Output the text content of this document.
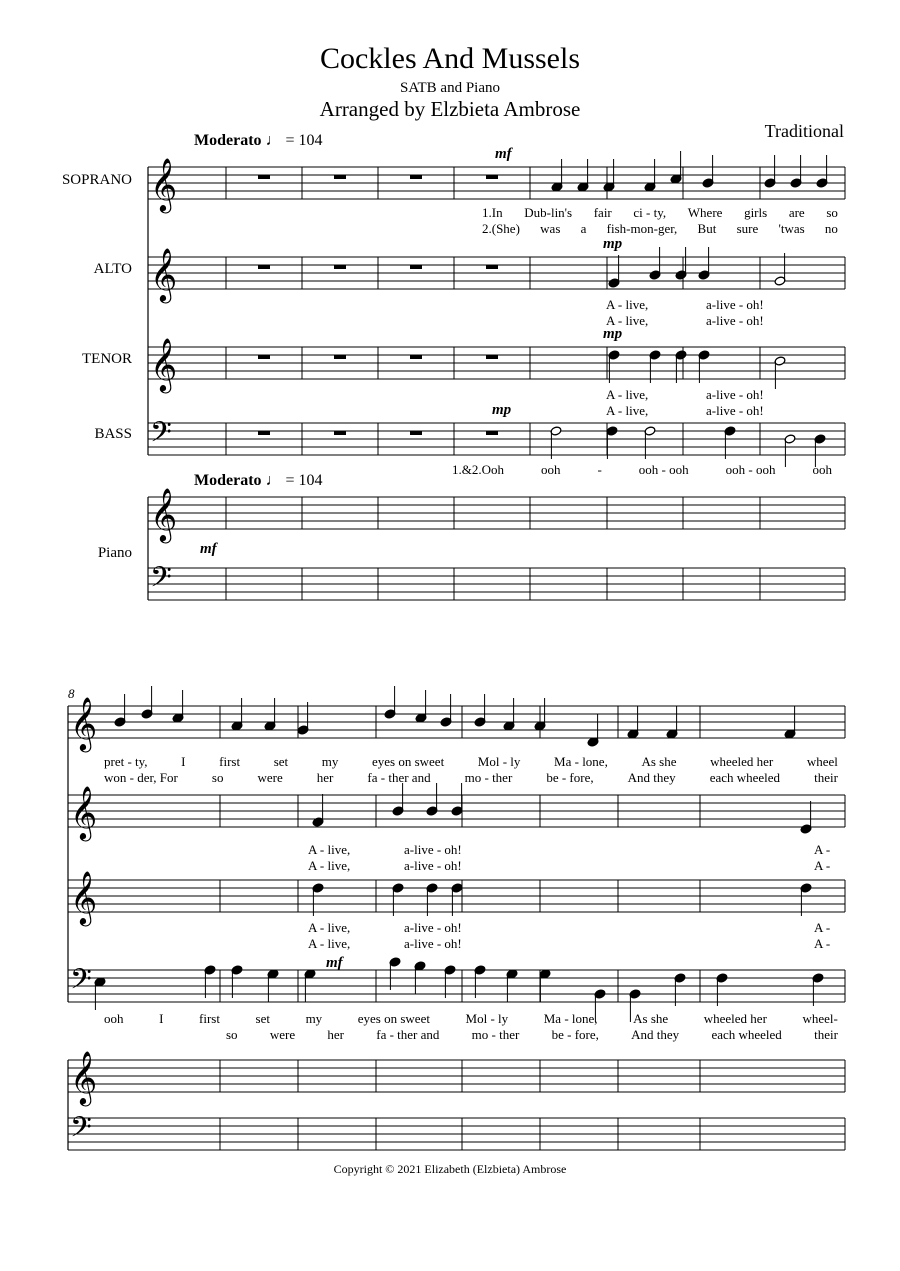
Cockles And Mussels
SATB and Piano
Arranged by Elzbieta Ambrose
Traditional
Moderato ♩ = 104
Moderato ♩ = 104
SOPRANO
ALTO
TENOR
BASS
Piano
mf
mp
mp
mp
mf
mf
8
1.In Dub-lin's fair ci - ty, Where girls are so
2.(She) was a fish-mon-ger, But sure 'twas no
A - live,	a-live - oh!
A - live,	a-live - oh!
A - live,	a-live - oh!
A - live,	a-live - oh!
1.&2.Ooh	ooh	-	ooh - ooh	ooh - ooh	ooh
pret - ty,	I	first	set	my	eyes on sweet	Mol - ly	Ma - lone,	As she	wheeled her	wheel
won - der, For	so	were	her	fa - ther and	mo - ther	be - fore,	And they	each wheeled	their
A - live,	a-live - oh!	A -
A - live,	a-live - oh!	A -
A - live,	a-live - oh!	A -
A - live,	a-live - oh!	A -
ooh	I	first	set	my	eyes on sweet	Mol - ly	Ma - lone,	As she	wheeled her	wheel-
so were her fa - ther and mo - ther be - fore, And they each wheeled their
𝄞
𝄞
𝄞
𝄢
𝄞
𝄢
𝄞
𝄞
𝄞
𝄢
𝄞
𝄢
Copyright © 2021 Elizabeth (Elzbieta) Ambrose
